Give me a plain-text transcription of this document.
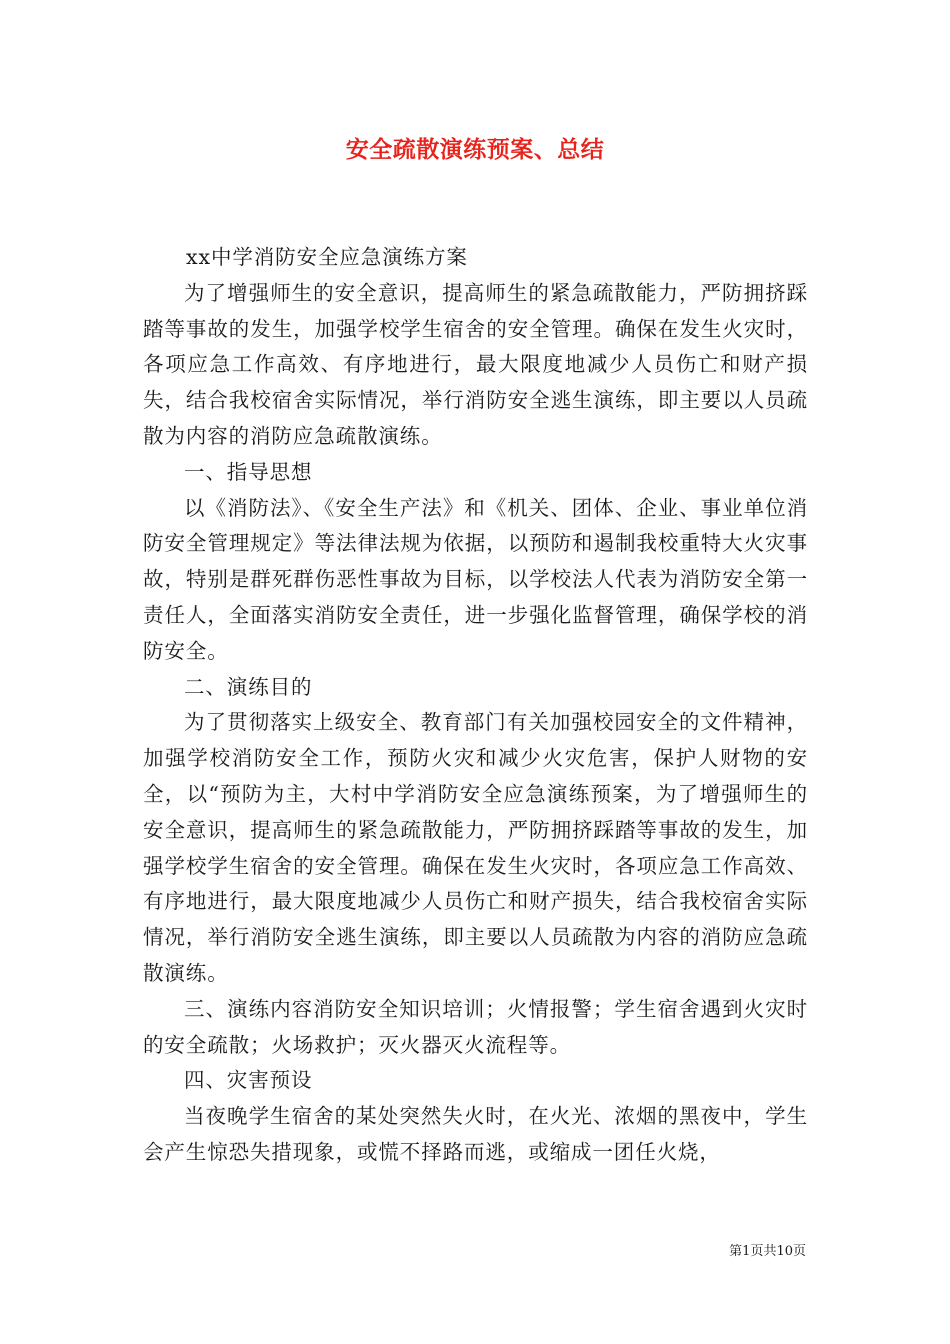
安全疏散演练预案、总结

xx中学消防安全应急演练方案

为了增强师生的安全意识，提高师生的紧急疏散能力，严防拥挤踩踏等事故的发生，加强学校学生宿舍的安全管理。确保在发生火灾时，各项应急工作高效、有序地进行，最大限度地减少人员伤亡和财产损失，结合我校宿舍实际情况，举行消防安全逃生演练，即主要以人员疏散为内容的消防应急疏散演练。

一、指导思想

以《消防法》、《安全生产法》和《机关、团体、企业、事业单位消防安全管理规定》等法律法规为依据，以预防和遏制我校重特大火灾事故，特别是群死群伤恶性事故为目标，以学校法人代表为消防安全第一责任人，全面落实消防安全责任，进一步强化监督管理，确保学校的消防安全。

二、演练目的

为了贯彻落实上级安全、教育部门有关加强校园安全的文件精神，加强学校消防安全工作，预防火灾和减少火灾危害，保护人财物的安全，以“预防为主，大村中学消防安全应急演练预案，为了增强师生的安全意识，提高师生的紧急疏散能力，严防拥挤踩踏等事故的发生，加强学校学生宿舍的安全管理。确保在发生火灾时，各项应急工作高效、有序地进行，最大限度地减少人员伤亡和财产损失，结合我校宿舍实际情况，举行消防安全逃生演练，即主要以人员疏散为内容的消防应急疏散演练。

三、演练内容消防安全知识培训；火情报警；学生宿舍遇到火灾时的安全疏散；火场救护；灭火器灭火流程等。

四、灾害预设

当夜晚学生宿舍的某处突然失火时，在火光、浓烟的黑夜中，学生会产生惊恐失措现象，或慌不择路而逃，或缩成一团任火烧，

第1页共10页
